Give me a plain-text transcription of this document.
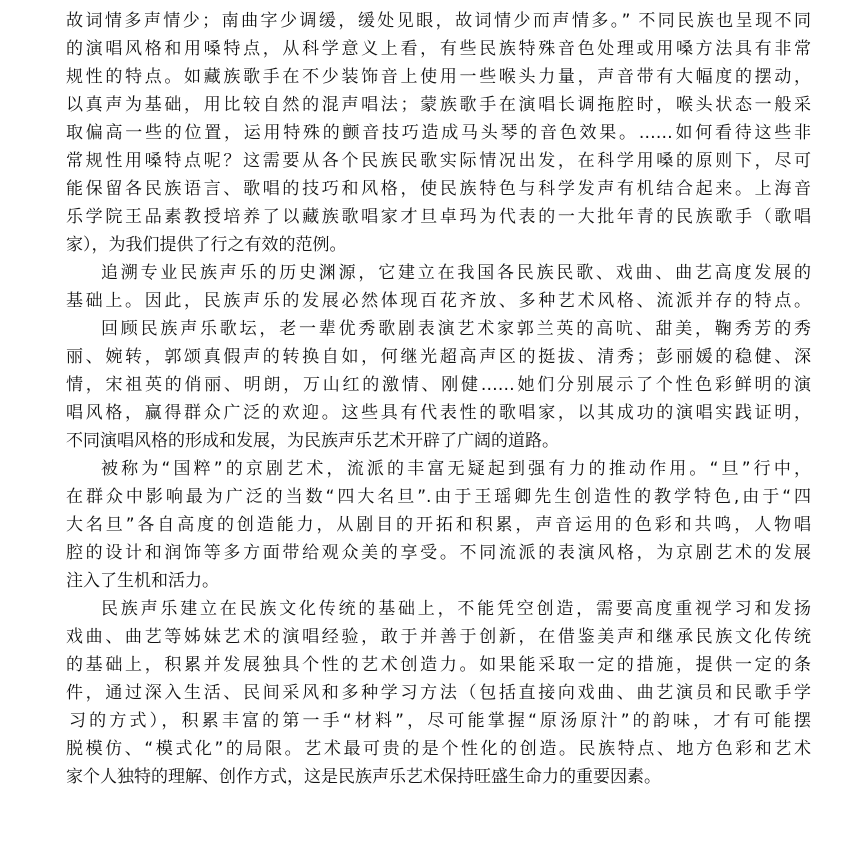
故词情多声情少；南曲字少调缓，缓处见眼，故词情少而声情多。” 不同民族也呈现不同
的演唱风格和用嗓特点，从科学意义上看，有些民族特殊音色处理或用嗓方法具有非常
规性的特点。如藏族歌手在不少装饰音上使用一些喉头力量，声音带有大幅度的摆动，
以真声为基础，用比较自然的混声唱法；蒙族歌手在演唱长调拖腔时，喉头状态一般采
取偏高一些的位置，运用特殊的颤音技巧造成马头琴的音色效果。……如何看待这些非
常规性用嗓特点呢？这需要从各个民族民歌实际情况出发，在科学用嗓的原则下，尽可
能保留各民族语言、歌唱的技巧和风格，使民族特色与科学发声有机结合起来。上海音
乐学院王品素教授培养了以藏族歌唱家才旦卓玛为代表的一大批年青的民族歌手（歌唱
家），为我们提供了行之有效的范例。
追溯专业民族声乐的历史渊源，它建立在我国各民族民歌、戏曲、曲艺高度发展的
基础上。因此，民族声乐的发展必然体现百花齐放、多种艺术风格、流派并存的特点。
回顾民族声乐歌坛，老一辈优秀歌剧表演艺术家郭兰英的高吭、甜美，鞠秀芳的秀
丽、婉转，郭颂真假声的转换自如，何继光超高声区的挺拔、清秀；彭丽媛的稳健、深
情，宋祖英的俏丽、明朗，万山红的激情、刚健……她们分别展示了个性色彩鲜明的演
唱风格，赢得群众广泛的欢迎。这些具有代表性的歌唱家，以其成功的演唱实践证明，
不同演唱风格的形成和发展，为民族声乐艺术开辟了广阔的道路。
被称为“国粹”的京剧艺术，流派的丰富无疑起到强有力的推动作用。“旦”行中，
在群众中影响最为广泛的当数“四大名旦”.由于王瑶卿先生创造性的教学特色,由于“四
大名旦”各自高度的创造能力，从剧目的开拓和积累，声音运用的色彩和共鸣，人物唱
腔的设计和润饰等多方面带给观众美的享受。不同流派的表演风格，为京剧艺术的发展
注入了生机和活力。
民族声乐建立在民族文化传统的基础上，不能凭空创造，需要高度重视学习和发扬
戏曲、曲艺等姊妹艺术的演唱经验，敢于并善于创新，在借鉴美声和继承民族文化传统
的基础上，积累并发展独具个性的艺术创造力。如果能采取一定的措施，提供一定的条
件，通过深入生活、民间采风和多种学习方法（包括直接向戏曲、曲艺演员和民歌手学
习的方式），积累丰富的第一手“材料”，尽可能掌握“原汤原汁”的韵味，才有可能摆
脱模仿、“模式化”的局限。艺术最可贵的是个性化的创造。民族特点、地方色彩和艺术
家个人独特的理解、创作方式，这是民族声乐艺术保持旺盛生命力的重要因素。
